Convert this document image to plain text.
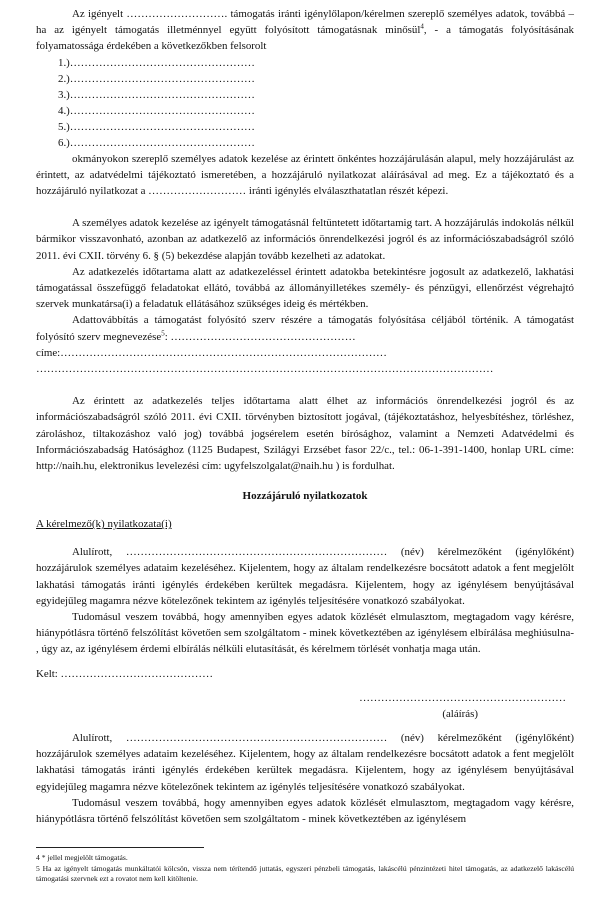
Az igényelt ………………………. támogatás iránti igénylőlapon/kérelmen szereplő személyes adatok, továbbá – ha az igényelt támogatás illetménnyel együtt folyósított támogatásnak minősül$^4$, - a támogatás folyósításának folyamatossága érdekében a következőkben felsorolt

1.)……………………………………………
2.)……………………………………………
3.)……………………………………………
4.)……………………………………………
5.)……………………………………………
6.)……………………………………………

okmányokon szereplő személyes adatok kezelése az érintett önkéntes hozzájárulásán alapul, mely hozzájárulást az érintett, az adatvédelmi tájékoztató ismeretében, a hozzájáruló nyilatkozat aláírásával ad meg. Ez a tájékoztató és a hozzájáruló nyilatkozat a ……………………… iránti igénylés elválaszthatatlan részét képezi.

A személyes adatok kezelése az igényelt támogatásnál feltüntetett időtartamig tart. A hozzájárulás indokolás nélkül bármikor visszavonható, azonban az adatkezelő az információs önrendelkezési jogról és az információszabadságról szóló 2011. évi CXII. törvény 6. § (5) bekezdése alapján tovább kezelheti az adatokat.

Az adatkezelés időtartama alatt az adatkezeléssel érintett adatokba betekintésre jogosult az adatkezelő, lakhatási támogatással összefüggő feladatokat ellátó, továbbá az állományilletékes személy- és pénzügyi, ellenőrzést végrehajtó szervek munkatársa(i) a feladatuk ellátásához szükséges ideig és mértékben.

Adattovábbítás a támogatást folyósító szerv részére a támogatás folyósítása céljából történik. A támogatást folyósító szerv megnevezése$^5$: ……………………………………………

címe:………………………………………………………………………………

………………………………………………………………………………………………………………

Az érintett az adatkezelés teljes időtartama alatt élhet az információs önrendelkezési jogról és az információszabadságról szóló 2011. évi CXII. törvényben biztosított jogával, (tájékoztatáshoz, helyesbítéshez, törléshez, zároláshoz, tiltakozáshoz való jog) továbbá jogsérelem esetén bírósághoz, valamint a Nemzeti Adatvédelmi és Információszabadság Hatósághoz (1125 Budapest, Szilágyi Erzsébet fasor 22/c., tel.: 06-1-391-1400, honlap URL címe: http://naih.hu, elektronikus levelezési cím: ugyfelszolgalat@naih.hu ) is fordulhat.

Hozzájáruló nyilatkozatok
A kérelmező(k) nyilatkozata(i)

Alulírott, ……………………………………………………………… (név) kérelmezőként (igénylőként) hozzájárulok személyes adataim kezeléséhez. Kijelentem, hogy az általam rendelkezésre bocsátott adatok a fent megjelölt lakhatási támogatás iránti igénylés érdekében kerültek megadásra. Kijelentem, hogy az igénylésem benyújtásával egyidejűleg magamra nézve kötelezőnek tekintem az igénylés teljesítésére vonatkozó szabályokat.

Tudomásul veszem továbbá, hogy amennyiben egyes adatok közlését elmulasztom, megtagadom vagy kérésre, hiánypótlásra történő felszólítást követően sem szolgáltatom - minek következtében az igénylésem elbírálása meghiúsulna- , úgy az, az igénylésem érdemi elbírálás nélküli elutasítását, és kérelmem törlését vonhatja maga után.

Kelt: ……………………………………

…………………………………………………
(aláírás)

Alulírott, ……………………………………………………………… (név) kérelmezőként (igénylőként) hozzájárulok személyes adataim kezeléséhez. Kijelentem, hogy az általam rendelkezésre bocsátott adatok a fent megjelölt lakhatási támogatás iránti igénylés érdekében kerültek megadásra. Kijelentem, hogy az igénylésem benyújtásával egyidejűleg magamra nézve kötelezőnek tekintem az igénylés teljesítésére vonatkozó szabályokat.

Tudomásul veszem továbbá, hogy amennyiben egyes adatok közlését elmulasztom, megtagadom vagy kérésre, hiánypótlásra történő felszólítást követően sem szolgáltatom - minek következtében az igénylésem

4 * jellel megjelölt támogatás.

5 Ha az igényelt támogatás munkáltatói kölcsön, vissza nem térítendő juttatás, egyszeri pénzbeli támogatás, lakáscélú pénzintézeti hitel támogatás, az adatkezelő lakáscélú támogatási szervnek ezt a rovatot nem kell kitöltenie.
